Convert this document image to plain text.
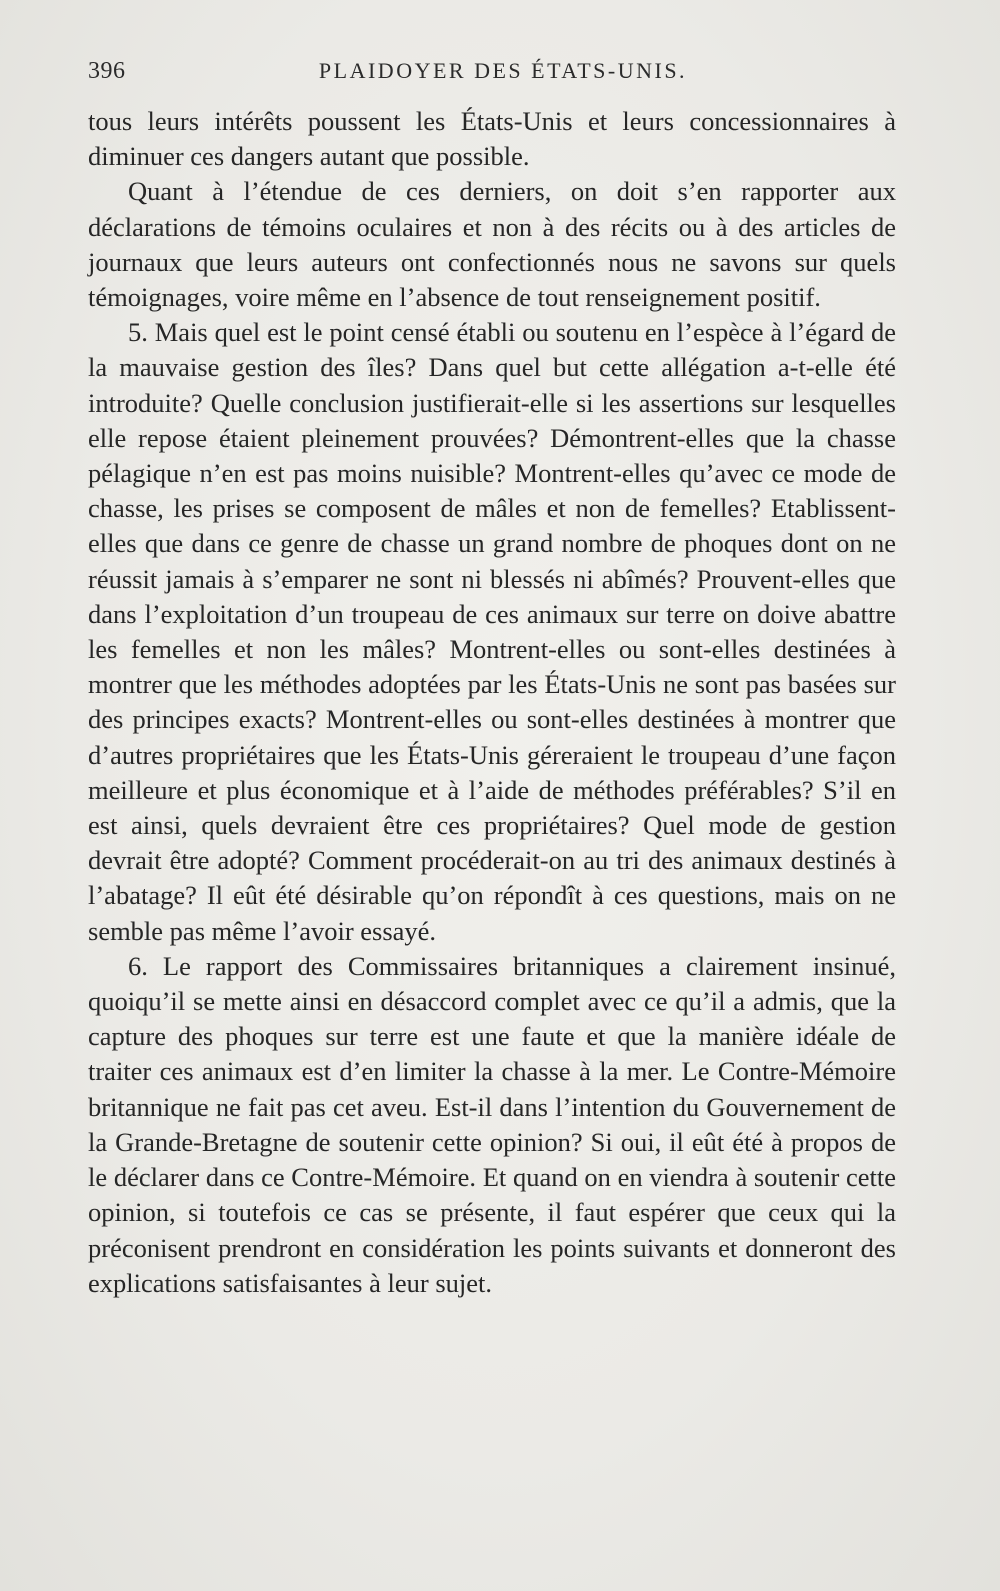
396	PLAIDOYER DES ÉTATS-UNIS.

tous leurs intérêts poussent les États-Unis et leurs concessionnaires à diminuer ces dangers autant que possible.

Quant à l’étendue de ces derniers, on doit s’en rapporter aux déclarations de témoins oculaires et non à des récits ou à des articles de journaux que leurs auteurs ont confectionnés nous ne savons sur quels témoignages, voire même en l’absence de tout renseignement positif.

5. Mais quel est le point censé établi ou soutenu en l’espèce à l’égard de la mauvaise gestion des îles? Dans quel but cette allégation a-t-elle été introduite? Quelle conclusion justifierait-elle si les assertions sur lesquelles elle repose étaient pleinement prouvées? Démontrent-elles que la chasse pélagique n’en est pas moins nuisible? Montrent-elles qu’avec ce mode de chasse, les prises se composent de mâles et non de femelles? Etablissent-elles que dans ce genre de chasse un grand nombre de phoques dont on ne réussit jamais à s’emparer ne sont ni blessés ni abîmés? Prouvent-elles que dans l’exploitation d’un troupeau de ces animaux sur terre on doive abattre les femelles et non les mâles? Montrent-elles ou sont-elles destinées à montrer que les méthodes adoptées par les États-Unis ne sont pas basées sur des principes exacts? Montrent-elles ou sont-elles destinées à montrer que d’autres propriétaires que les États-Unis géreraient le troupeau d’une façon meilleure et plus économique et à l’aide de méthodes préférables? S’il en est ainsi, quels devraient être ces propriétaires? Quel mode de gestion devrait être adopté? Comment procéderait-on au tri des animaux destinés à l’abatage? Il eût été désirable qu’on répondît à ces questions, mais on ne semble pas même l’avoir essayé.

6. Le rapport des Commissaires britanniques a clairement insinué, quoiqu’il se mette ainsi en désaccord complet avec ce qu’il a admis, que la capture des phoques sur terre est une faute et que la manière idéale de traiter ces animaux est d’en limiter la chasse à la mer. Le Contre-Mémoire britannique ne fait pas cet aveu. Est-il dans l’intention du Gouvernement de la Grande-Bretagne de soutenir cette opinion? Si oui, il eût été à propos de le déclarer dans ce Contre-Mémoire. Et quand on en viendra à soutenir cette opinion, si toutefois ce cas se présente, il faut espérer que ceux qui la préconisent prendront en considération les points suivants et donneront des explications satisfaisantes à leur sujet.
